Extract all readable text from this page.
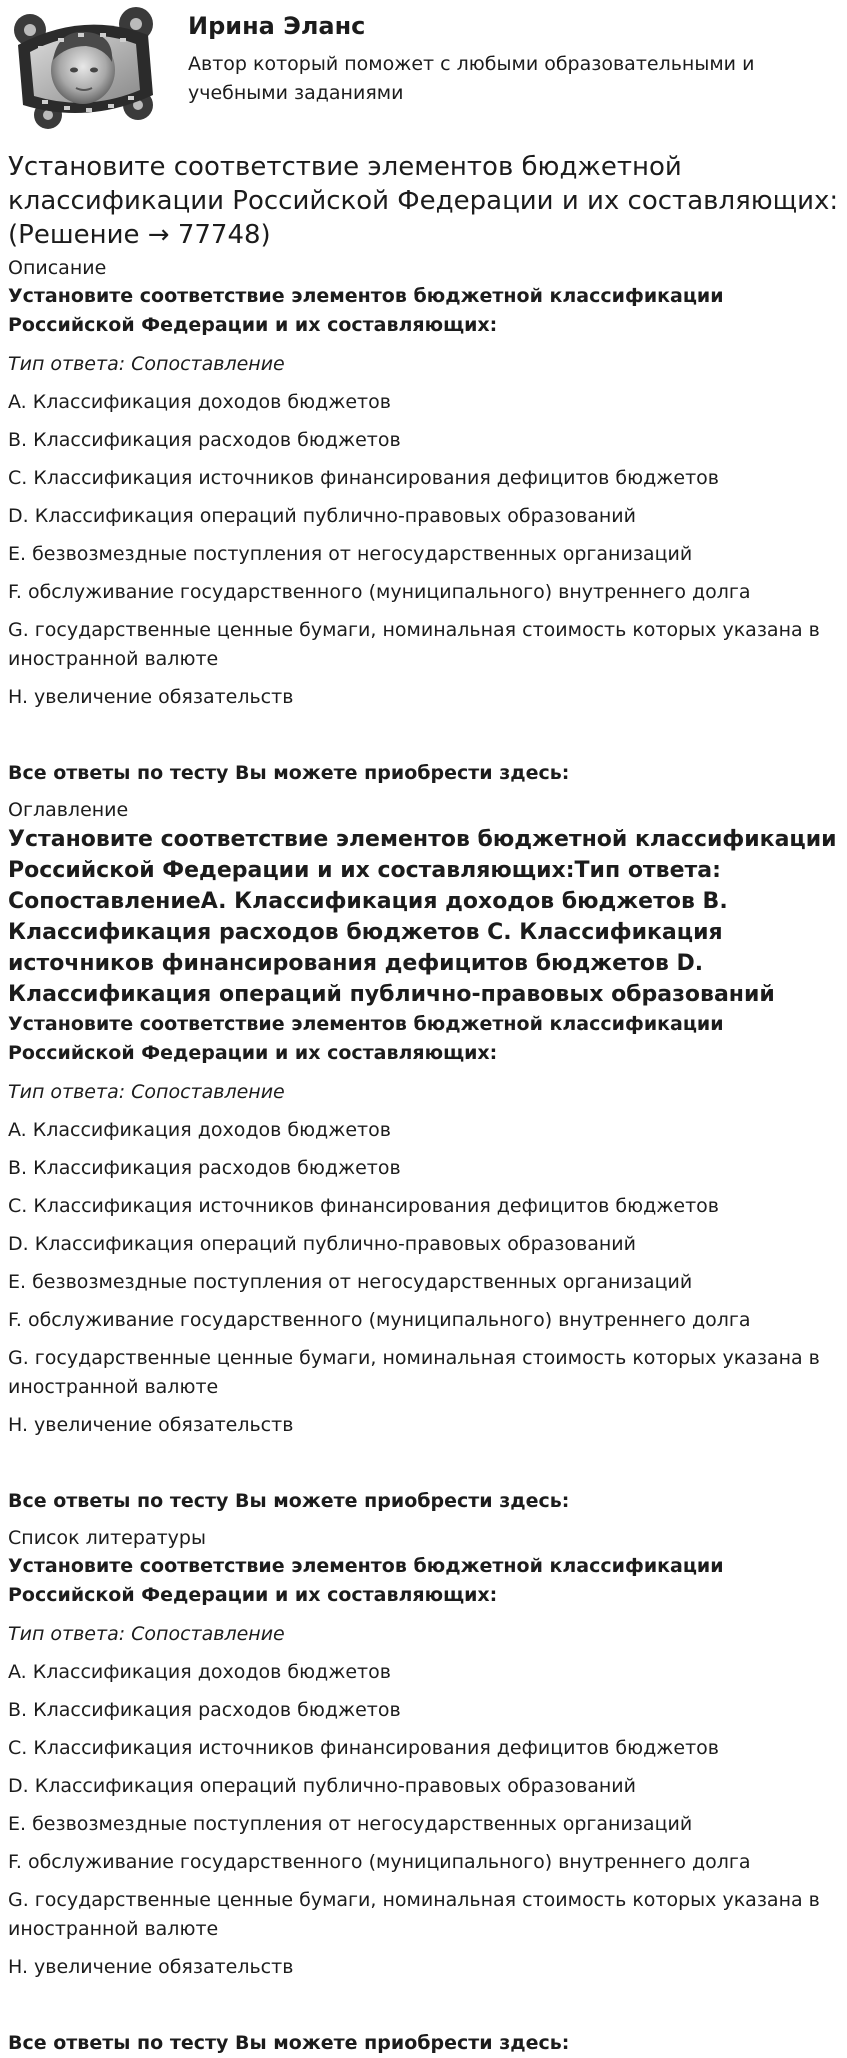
Ирина Эланс
Автор который поможет с любыми образовательными и учебными заданиями
Установите соответствие элементов бюджетной классификации Российской Федерации и их составляющих: (Решение → 77748)
Описание
Установите соответствие элементов бюджетной классификации Российской Федерации и их составляющих:
Тип ответа: Сопоставление
A. Классификация доходов бюджетов
B. Классификация расходов бюджетов
C. Классификация источников финансирования дефицитов бюджетов
D. Классификация операций публично-правовых образований
E. безвозмездные поступления от негосударственных организаций
F. обслуживание государственного (муниципального) внутреннего долга
G. государственные ценные бумаги, номинальная стоимость которых указана в иностранной валюте
H. увеличение обязательств
Все ответы по тесту Вы можете приобрести здесь:
Оглавление
Установите соответствие элементов бюджетной классификации Российской Федерации и их составляющих:Тип ответа: СопоставлениеA. Классификация доходов бюджетов B. Классификация расходов бюджетов C. Классификация источников финансирования дефицитов бюджетов D. Классификация операций публично-правовых образований
Установите соответствие элементов бюджетной классификации Российской Федерации и их составляющих:
Тип ответа: Сопоставление
A. Классификация доходов бюджетов
B. Классификация расходов бюджетов
C. Классификация источников финансирования дефицитов бюджетов
D. Классификация операций публично-правовых образований
E. безвозмездные поступления от негосударственных организаций
F. обслуживание государственного (муниципального) внутреннего долга
G. государственные ценные бумаги, номинальная стоимость которых указана в иностранной валюте
H. увеличение обязательств
Все ответы по тесту Вы можете приобрести здесь:
Список литературы
Установите соответствие элементов бюджетной классификации Российской Федерации и их составляющих:
Тип ответа: Сопоставление
A. Классификация доходов бюджетов
B. Классификация расходов бюджетов
C. Классификация источников финансирования дефицитов бюджетов
D. Классификация операций публично-правовых образований
E. безвозмездные поступления от негосударственных организаций
F. обслуживание государственного (муниципального) внутреннего долга
G. государственные ценные бумаги, номинальная стоимость которых указана в иностранной валюте
H. увеличение обязательств
Все ответы по тесту Вы можете приобрести здесь:
